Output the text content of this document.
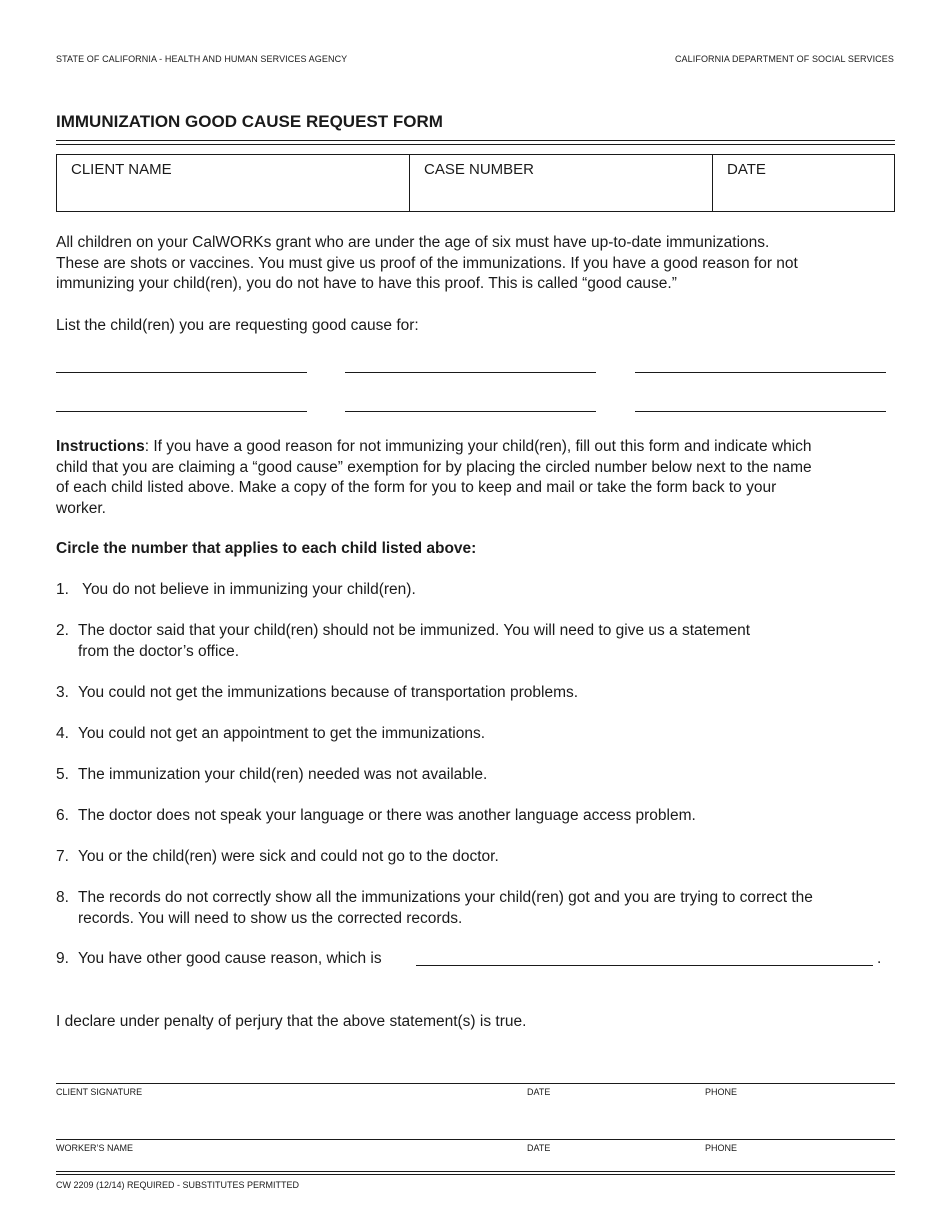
STATE OF CALIFORNIA - HEALTH AND HUMAN SERVICES AGENCY	CALIFORNIA DEPARTMENT OF SOCIAL SERVICES
IMMUNIZATION GOOD CAUSE REQUEST FORM
CLIENT NAME	CASE NUMBER	DATE
All children on your CalWORKs grant who are under the age of six must have up-to-date immunizations.
These are shots or vaccines. You must give us proof of the immunizations. If you have a good reason for not
immunizing your child(ren), you do not have to have this proof. This is called “good cause.”
List the child(ren) you are requesting good cause for:
Instructions: If you have a good reason for not immunizing your child(ren), fill out this form and indicate which
child that you are claiming a “good cause” exemption for by placing the circled number below next to the name
of each child listed above. Make a copy of the form for you to keep and mail or take the form back to your
worker.
Circle the number that applies to each child listed above:
1. You do not believe in immunizing your child(ren).
2. The doctor said that your child(ren) should not be immunized. You will need to give us a statement
from the doctor’s office.
3. You could not get the immunizations because of transportation problems.
4. You could not get an appointment to get the immunizations.
5. The immunization your child(ren) needed was not available.
6. The doctor does not speak your language or there was another language access problem.
7. You or the child(ren) were sick and could not go to the doctor.
8. The records do not correctly show all the immunizations your child(ren) got and you are trying to correct the
records. You will need to show us the corrected records.
9. You have other good cause reason, which is	.
I declare under penalty of perjury that the above statement(s) is true.
CLIENT SIGNATURE	DATE	PHONE
WORKER’S NAME	DATE	PHONE
CW 2209 (12/14) REQUIRED - SUBSTITUTES PERMITTED
